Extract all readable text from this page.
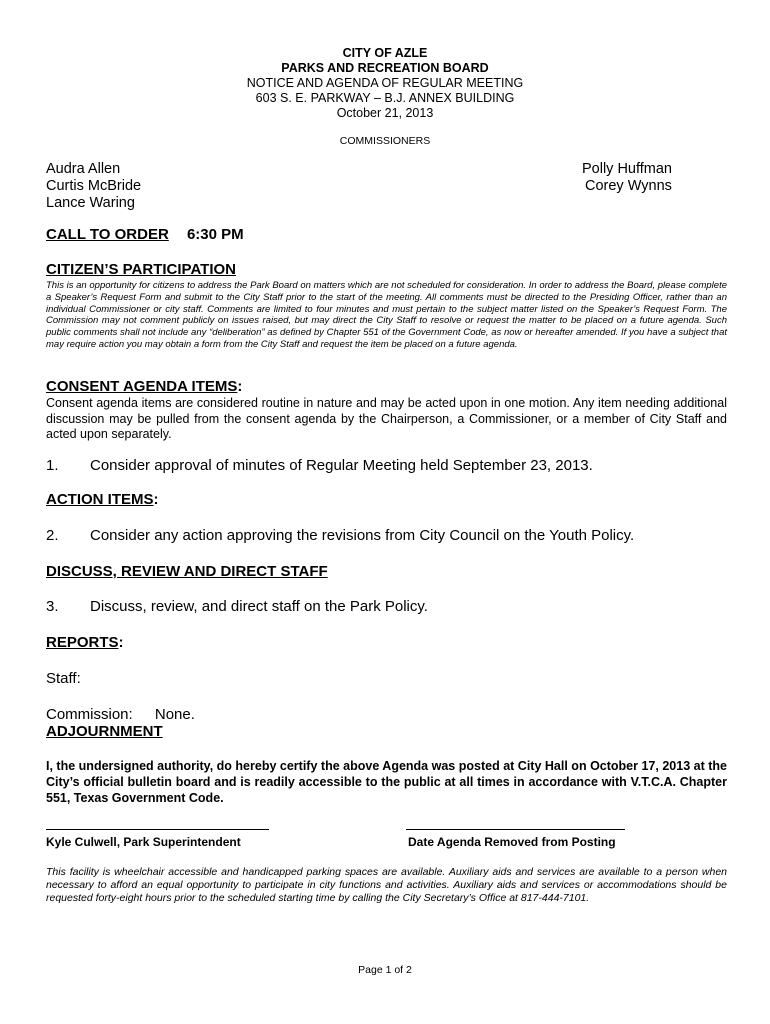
CITY OF AZLE
PARKS AND RECREATION BOARD
NOTICE AND AGENDA OF REGULAR MEETING
603 S. E. PARKWAY – B.J. ANNEX BUILDING
October 21, 2013
COMMISSIONERS
Audra Allen
Curtis McBride
Lance Waring
Polly Huffman
Corey Wynns
CALL TO ORDER 6:30 PM
CITIZEN’S PARTICIPATION
This is an opportunity for citizens to address the Park Board on matters which are not scheduled for consideration. In order to address the Board, please complete a Speaker’s Request Form and submit to the City Staff prior to the start of the meeting. All comments must be directed to the Presiding Officer, rather than an individual Commissioner or city staff. Comments are limited to four minutes and must pertain to the subject matter listed on the Speaker’s Request Form. The Commission may not comment publicly on issues raised, but may direct the City Staff to resolve or request the matter to be placed on a future agenda. Such public comments shall not include any “deliberation” as defined by Chapter 551 of the Government Code, as now or hereafter amended. If you have a subject that may require action you may obtain a form from the City Staff and request the item be placed on a future agenda.
CONSENT AGENDA ITEMS:
Consent agenda items are considered routine in nature and may be acted upon in one motion. Any item needing additional discussion may be pulled from the consent agenda by the Chairperson, a Commissioner, or a member of City Staff and acted upon separately.
1. Consider approval of minutes of Regular Meeting held September 23, 2013.
ACTION ITEMS:
2. Consider any action approving the revisions from City Council on the Youth Policy.
DISCUSS, REVIEW AND DIRECT STAFF
3. Discuss, review, and direct staff on the Park Policy.
REPORTS:
Staff:
Commission: None.
ADJOURNMENT
I, the undersigned authority, do hereby certify the above Agenda was posted at City Hall on October 17, 2013 at the City’s official bulletin board and is readily accessible to the public at all times in accordance with V.T.C.A. Chapter 551, Texas Government Code.
Kyle Culwell, Park Superintendent	Date Agenda Removed from Posting
This facility is wheelchair accessible and handicapped parking spaces are available. Auxiliary aids and services are available to a person when necessary to afford an equal opportunity to participate in city functions and activities. Auxiliary aids and services or accommodations should be requested forty-eight hours prior to the scheduled starting time by calling the City Secretary’s Office at 817-444-7101.
Page 1 of 2
